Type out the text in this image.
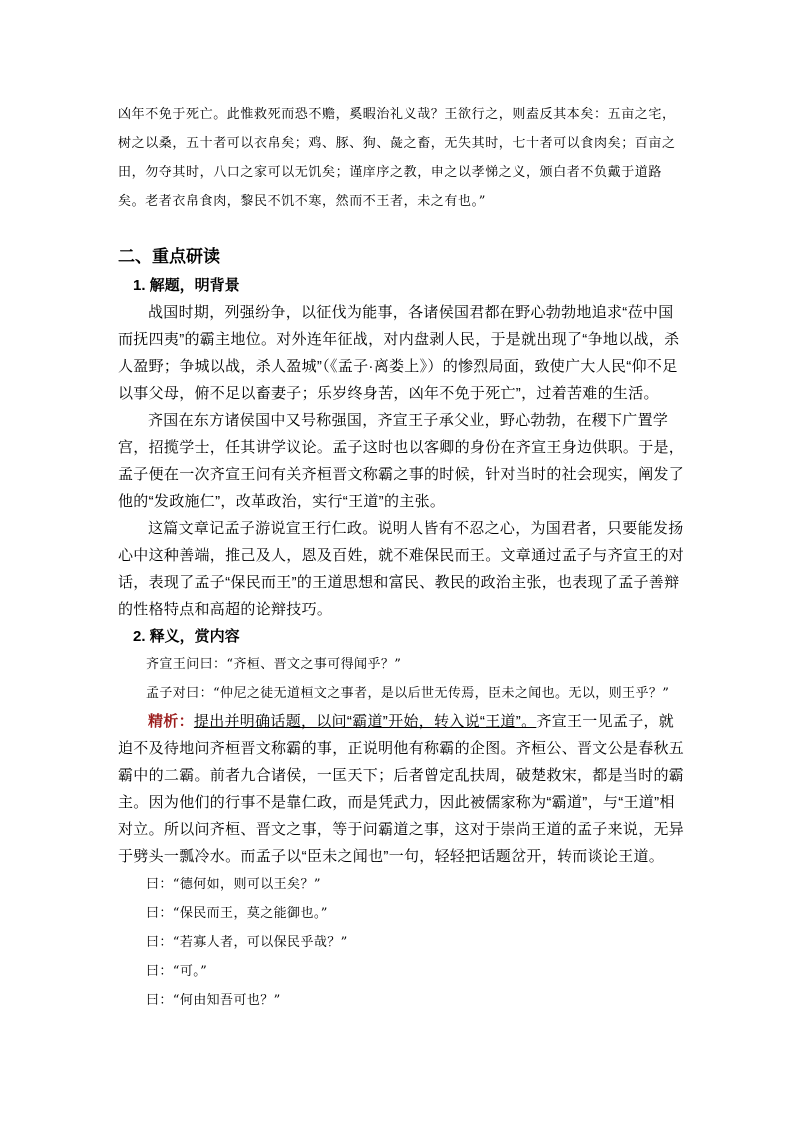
凶年不免于死亡。此惟救死而恐不赡，奚暇治礼义哉？王欲行之，则盍反其本矣：五亩之宅，树之以桑，五十者可以衣帛矣；鸡、豚、狗、彘之畜，无失其时，七十者可以食肉矣；百亩之田，勿夺其时，八口之家可以无饥矣；谨庠序之教，申之以孝悌之义，颁白者不负戴于道路矣。老者衣帛食肉，黎民不饥不寒，然而不王者，未之有也。”

二、重点研读
1. 解题，明背景

战国时期，列强纷争，以征伐为能事，各诸侯国君都在野心勃勃地追求“莅中国而抚四夷”的霸主地位。对外连年征战，对内盘剥人民，于是就出现了“争地以战，杀人盈野；争城以战，杀人盈城”（《孟子·离娄上》）的惨烈局面，致使广大人民“仰不足以事父母，俯不足以畜妻子；乐岁终身苦，凶年不免于死亡”，过着苦难的生活。

齐国在东方诸侯国中又号称强国，齐宣王子承父业，野心勃勃，在稷下广置学宫，招揽学士，任其讲学议论。孟子这时也以客卿的身份在齐宣王身边供职。于是，孟子便在一次齐宣王问有关齐桓晋文称霸之事的时候，针对当时的社会现实，阐发了他的“发政施仁”，改革政治，实行“王道”的主张。

这篇文章记孟子游说宣王行仁政。说明人皆有不忍之心，为国君者，只要能发扬心中这种善端，推己及人，恩及百姓，就不难保民而王。文章通过孟子与齐宣王的对话，表现了孟子“保民而王”的王道思想和富民、教民的政治主张，也表现了孟子善辩的性格特点和高超的论辩技巧。

2. 释义，赏内容

齐宣王问曰：“齐桓、晋文之事可得闻乎？”

孟子对曰：“仲尼之徒无道桓文之事者，是以后世无传焉，臣未之闻也。无以，则王乎？”

精析：提出并明确话题，以问“霸道”开始，转入说“王道”。齐宣王一见孟子，就迫不及待地问齐桓晋文称霸的事，正说明他有称霸的企图。齐桓公、晋文公是春秋五霸中的二霸。前者九合诸侯，一匡天下；后者曾定乱扶周，破楚救宋，都是当时的霸主。因为他们的行事不是靠仁政，而是凭武力，因此被儒家称为“霸道”，与“王道”相对立。所以问齐桓、晋文之事，等于问霸道之事，这对于崇尚王道的孟子来说，无异于劈头一瓢冷水。而孟子以“臣未之闻也”一句，轻轻把话题岔开，转而谈论王道。

曰：“德何如，则可以王矣？”

曰：“保民而王，莫之能御也。”

曰：“若寡人者，可以保民乎哉？”

曰：“可。”

曰：“何由知吾可也？”
